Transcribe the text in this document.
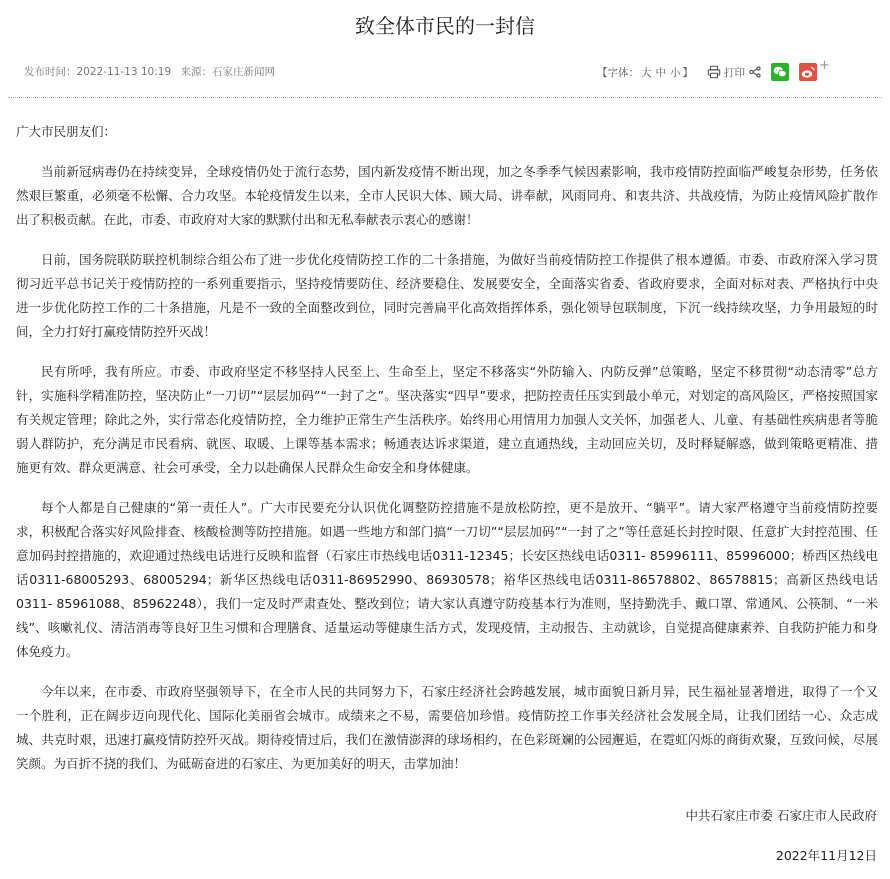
致全体市民的一封信
发布时间：2022-11-13 10:19 来源：石家庄新闻网	【字体： 大 中 小 】	打印	+

广大市民朋友们：

当前新冠病毒仍在持续变异，全球疫情仍处于流行态势，国内新发疫情不断出现，加之冬季季气候因素影响，我市疫情防控面临严峻复杂形势，任务依然艰巨繁重，必须毫不松懈、合力攻坚。本轮疫情发生以来，全市人民识大体、顾大局、讲奉献，风雨同舟、和衷共济、共战疫情，为防止疫情风险扩散作出了积极贡献。在此，市委、市政府对大家的默默付出和无私奉献表示衷心的感谢！

日前，国务院联防联控机制综合组公布了进一步优化疫情防控工作的二十条措施，为做好当前疫情防控工作提供了根本遵循。市委、市政府深入学习贯彻习近平总书记关于疫情防控的一系列重要指示，坚持疫情要防住、经济要稳住、发展要安全，全面落实省委、省政府要求，全面对标对表、严格执行中央进一步优化防控工作的二十条措施，凡是不一致的全面整改到位，同时完善扁平化高效指挥体系，强化领导包联制度，下沉一线持续攻坚，力争用最短的时间，全力打好打赢疫情防控歼灭战！

民有所呼，我有所应。市委、市政府坚定不移坚持人民至上、生命至上，坚定不移落实“外防输入、内防反弹”总策略，坚定不移贯彻“动态清零”总方针，实施科学精准防控，坚决防止“一刀切”“层层加码”“一封了之”。坚决落实“四早”要求，把防控责任压实到最小单元，对划定的高风险区，严格按照国家有关规定管理；除此之外，实行常态化疫情防控，全力维护正常生产生活秩序。始终用心用情用力加强人文关怀，加强老人、儿童、有基础性疾病患者等脆弱人群防护，充分满足市民看病、就医、取暖、上课等基本需求；畅通表达诉求渠道，建立直通热线，主动回应关切，及时释疑解惑，做到策略更精准、措施更有效、群众更满意、社会可承受，全力以赴确保人民群众生命安全和身体健康。

每个人都是自己健康的“第一责任人”。广大市民要充分认识优化调整防控措施不是放松防控，更不是放开、“躺平”。请大家严格遵守当前疫情防控要求，积极配合落实好风险排查、核酸检测等防控措施。如遇一些地方和部门搞“一刀切”“层层加码”“一封了之”等任意延长封控时限、任意扩大封控范围、任意加码封控措施的，欢迎通过热线电话进行反映和监督（石家庄市热线电话0311-12345；长安区热线电话0311- 85996111、85996000；桥西区热线电话0311-68005293、68005294；新华区热线电话0311-86952990、86930578；裕华区热线电话0311-86578802、86578815；高新区热线电话0311- 85961088、85962248），我们一定及时严肃查处、整改到位；请大家认真遵守防疫基本行为准则，坚持勤洗手、戴口罩、常通风、公筷制、“一米线”、咳嗽礼仪、清洁消毒等良好卫生习惯和合理膳食、适量运动等健康生活方式，发现疫情，主动报告、主动就诊，自觉提高健康素养、自我防护能力和身体免疫力。

今年以来，在市委、市政府坚强领导下，在全市人民的共同努力下，石家庄经济社会跨越发展，城市面貌日新月异，民生福祉显著增进，取得了一个又一个胜利，正在阔步迈向现代化、国际化美丽省会城市。成绩来之不易，需要倍加珍惜。疫情防控工作事关经济社会发展全局，让我们团结一心、众志成城、共克时艰，迅速打赢疫情防控歼灭战。期待疫情过后，我们在激情澎湃的球场相约，在色彩斑斓的公园邂逅，在霓虹闪烁的商街欢聚，互致问候，尽展笑颜。为百折不挠的我们、为砥砺奋进的石家庄、为更加美好的明天，击掌加油！

中共石家庄市委 石家庄市人民政府
2022年11月12日
